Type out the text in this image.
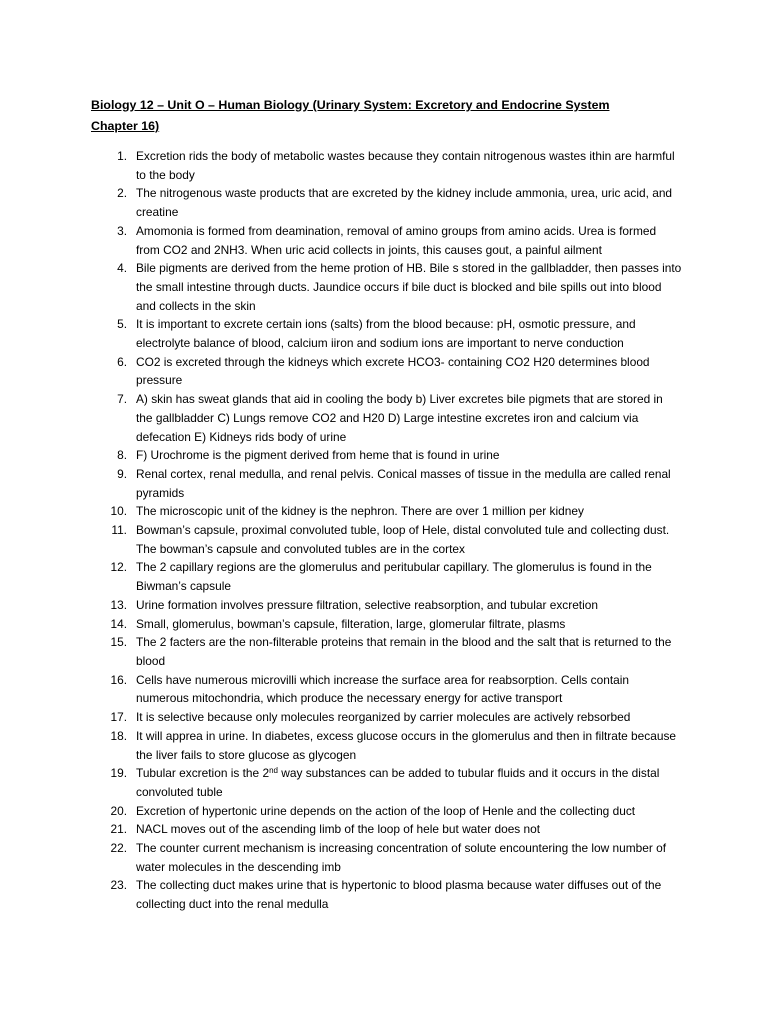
Biology 12 – Unit O – Human Biology (Urinary System: Excretory and Endocrine System Chapter 16)
1. Excretion rids the body of metabolic wastes because they contain nitrogenous wastes ithin are harmful to the body
2. The nitrogenous waste products that are excreted by the kidney include ammonia, urea, uric acid, and creatine
3. Amomonia is formed from deamination, removal of amino groups from amino acids. Urea is formed from CO2 and 2NH3. When uric acid collects in joints, this causes gout, a painful ailment
4. Bile pigments are derived from the heme protion of HB. Bile s stored in the gallbladder, then passes into the small intestine through ducts. Jaundice occurs if bile duct is blocked and bile spills out into blood and collects in the skin
5. It is important to excrete certain ions (salts) from the blood because: pH, osmotic pressure, and electrolyte balance of blood, calcium iiron and sodium ions are important to nerve conduction
6. CO2 is excreted through the kidneys which excrete HCO3- containing CO2 H20 determines blood pressure
7. A) skin has sweat glands that aid in cooling the body b) Liver excretes bile pigmets that are stored in the gallbladder C) Lungs remove CO2 and H20 D) Large intestine excretes iron and calcium via defecation E) Kidneys rids body of urine
8. F) Urochrome is the pigment derived from heme that is found in urine
9. Renal cortex, renal medulla, and renal pelvis. Conical masses of tissue in the medulla are called renal pyramids
10. The microscopic unit of the kidney is the nephron. There are over 1 million per kidney
11. Bowman’s capsule, proximal convoluted tuble, loop of Hele, distal convoluted tule and collecting dust. The bowman’s capsule and convoluted tubles are in the cortex
12. The 2 capillary regions are the glomerulus and peritubular capillary. The glomerulus is found in the Biwman’s capsule
13. Urine formation involves pressure filtration, selective reabsorption, and tubular excretion
14. Small, glomerulus, bowman’s capsule, filteration, large, glomerular filtrate, plasms
15. The 2 facters are the non-filterable proteins that remain in the blood and the salt that is returned to the blood
16. Cells have numerous microvilli which increase the surface area for reabsorption. Cells contain numerous mitochondria, which produce the necessary energy for active transport
17. It is selective because only molecules reorganized by carrier molecules are actively rebsorbed
18. It will apprea in urine. In diabetes, excess glucose occurs in the glomerulus and then in filtrate because the liver fails to store glucose as glycogen
19. Tubular excretion is the 2nd way substances can be added to tubular fluids and it occurs in the distal convoluted tuble
20. Excretion of hypertonic urine depends on the action of the loop of Henle and the collecting duct
21. NACL moves out of the ascending limb of the loop of hele but water does not
22. The counter current mechanism is increasing concentration of solute encountering the low number of water molecules in the descending imb
23. The collecting duct makes urine that is hypertonic to blood plasma because water diffuses out of the collecting duct into the renal medulla
